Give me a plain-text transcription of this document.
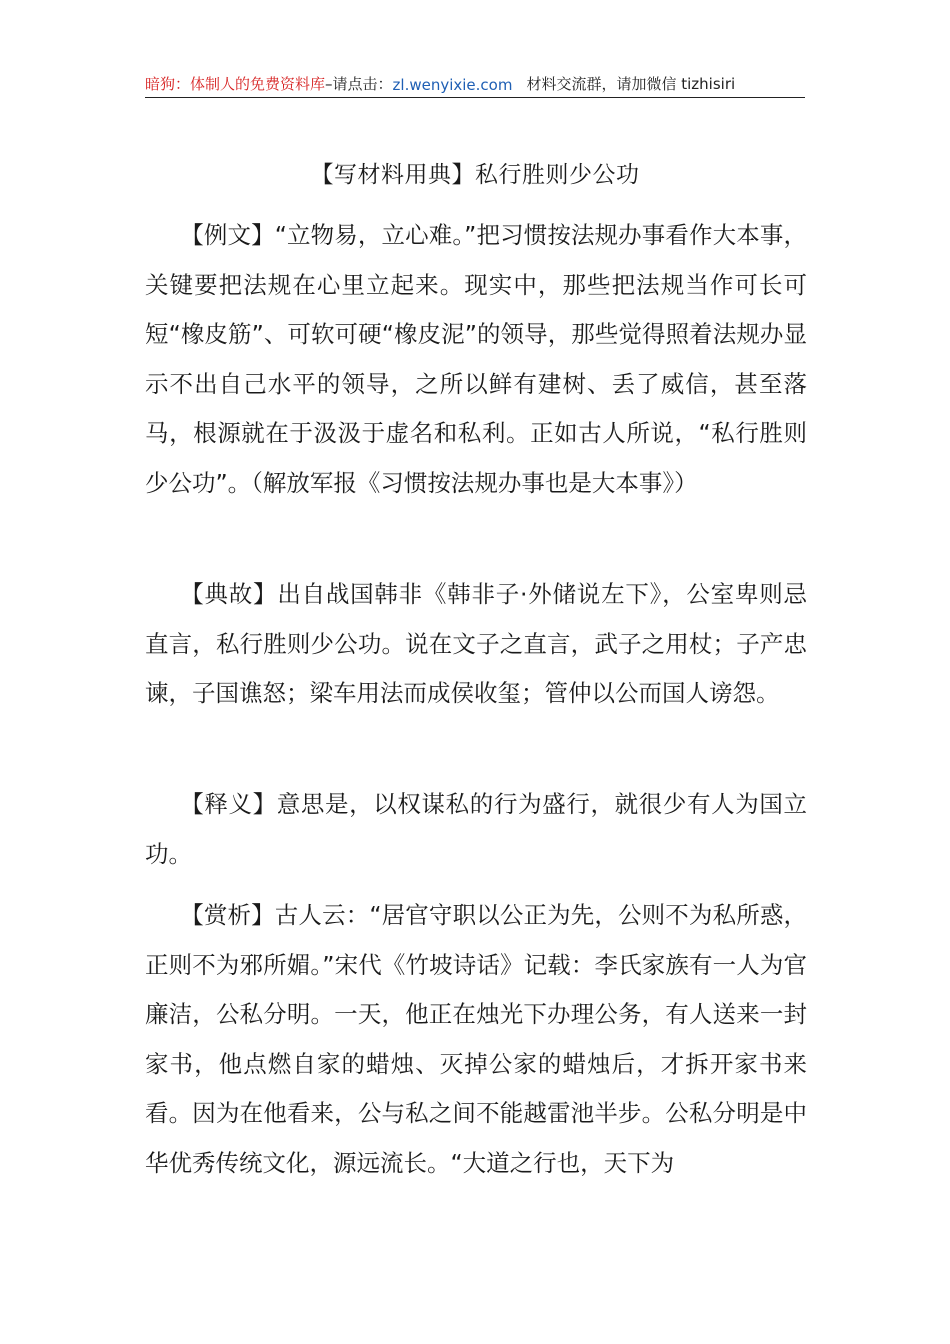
暗狗：体制人的免费资料库 –请点击： zl.wenyixie.com 材料交流群，请加微信 tizhisiri
【写材料用典】私行胜则少公功

【例文】“立物易，立心难。”把习惯按法规办事看作大本事，关键要把法规在心里立起来。现实中，那些把法规当作可长可短“橡皮筋”、可软可硬“橡皮泥”的领导，那些觉得照着法规办显示不出自己水平的领导，之所以鲜有建树、丢了威信，甚至落马，根源就在于汲汲于虚名和私利。正如古人所说，“私行胜则少公功”。（解放军报《习惯按法规办事也是大本事》）

【典故】出自战国韩非《韩非子·外储说左下》，公室卑则忌直言，私行胜则少公功。说在文子之直言，武子之用杖；子产忠谏，子国谯怒；梁车用法而成侯收玺；管仲以公而国人谤怨。

【释义】意思是，以权谋私的行为盛行，就很少有人为国立功。

【赏析】古人云：“居官守职以公正为先，公则不为私所惑，正则不为邪所媚。”宋代《竹坡诗话》记载：李氏家族有一人为官廉洁，公私分明。一天，他正在烛光下办理公务，有人送来一封家书，他点燃自家的蜡烛、灭掉公家的蜡烛后，才拆开家书来看。因为在他看来，公与私之间不能越雷池半步。公私分明是中华优秀传统文化，源远流长。“大道之行也，天下为
